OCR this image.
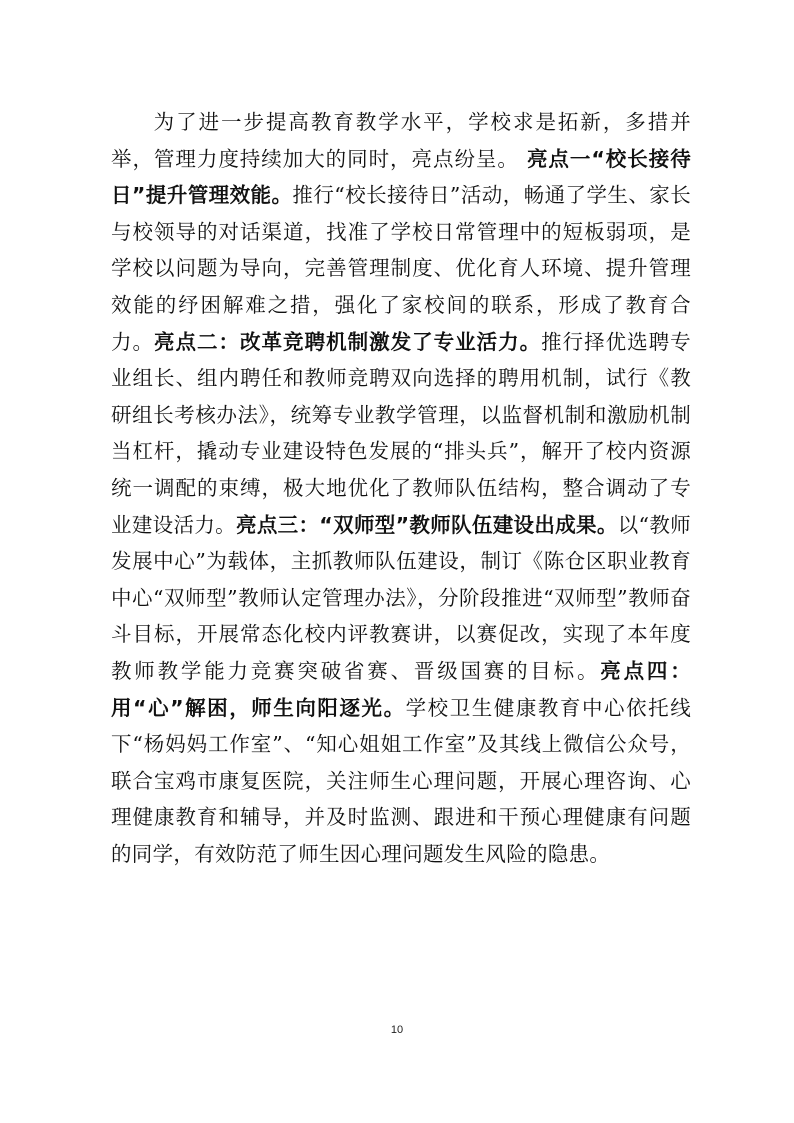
为了进一步提高教育教学水平，学校求是拓新，多措并举，管理力度持续加大的同时，亮点纷呈。 亮点一“校长接待日”提升管理效能。推行“校长接待日”活动，畅通了学生、家长与校领导的对话渠道，找准了学校日常管理中的短板弱项，是学校以问题为导向，完善管理制度、优化育人环境、提升管理效能的纾困解难之措，强化了家校间的联系，形成了教育合力。亮点二：改革竞聘机制激发了专业活力。推行择优选聘专业组长、组内聘任和教师竞聘双向选择的聘用机制，试行《教研组长考核办法》，统筹专业教学管理，以监督机制和激励机制当杠杆，撬动专业建设特色发展的“排头兵”，解开了校内资源统一调配的束缚，极大地优化了教师队伍结构，整合调动了专业建设活力。亮点三：“双师型”教师队伍建设出成果。以“教师发展中心”为载体，主抓教师队伍建设，制订《陈仓区职业教育中心“双师型”教师认定管理办法》，分阶段推进“双师型”教师奋斗目标，开展常态化校内评教赛讲，以赛促改，实现了本年度教师教学能力竞赛突破省赛、晋级国赛的目标。亮点四：用“心”解困，师生向阳逐光。学校卫生健康教育中心依托线下“杨妈妈工作室”、“知心姐姐工作室”及其线上微信公众号，联合宝鸡市康复医院，关注师生心理问题，开展心理咨询、心理健康教育和辅导，并及时监测、跟进和干预心理健康有问题的同学，有效防范了师生因心理问题发生风险的隐患。

10
